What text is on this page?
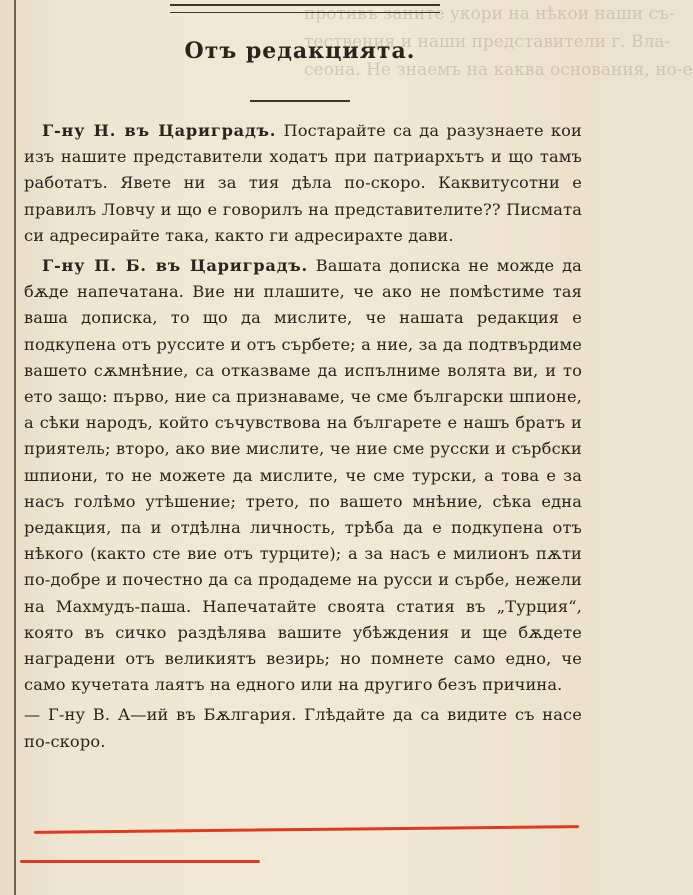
противъ заните укори на нѣкои наши съ-
тествения и наши представители г. Вла-
сеона. Не знаемъ на каква основания, но-е
Отъ редакцията.

Г-ну Н. въ Цариградъ. Постарайте са да разузнаете кои изъ нашите представители ходатъ при патриархътъ и що тамъ работатъ. Явете ни за тия дѣла по-скоро. Каквитусотни е правилъ Ловчу и що е говорилъ на представителите?? Писмата си адресирайте така, както ги адресирахте дави.

Г-ну П. Б. въ Цариградъ. Вашата дописка не можде да бѫде напечатана. Вие ни плашите, че ако не помѣстиме тая ваша дописка, то що да мислите, че нашата редакция е подкупена отъ руссите и отъ сърбете; а ние, за да подтвърдиме вашето сѫмнѣние, са отказваме да испълниме волята ви, и то ето защо: първо, ние са признаваме, че сме български шпионе, а сѣки народъ, който съчувствова на българете е нашъ братъ и приятель; второ, ако вие мислите, че ние сме русски и сърбски шпиони, то не можете да мислите, че сме турски, а това е за насъ голѣмо утѣшение; трето, по вашето мнѣние, сѣка една редакция, па и отдѣлна личность, трѣба да е подкупена отъ нѣкого (както сте вие отъ турците); а за насъ е милионъ пѫти по-добре и почестно да са продадеме на русси и сърбе, нежели на Махмудъ-паша. Напечатайте своята статия въ „Турция“, която въ сичко раздѣлява вашите убѣждения и ще бѫдете наградени отъ великиятъ везирь; но помнете само едно, че само кучетата лаятъ на едного или на другиго безъ причина.

— Г-ну В. А—ий въ Бѫлгария. Глѣдайте да са видите съ насе по-скоро.
